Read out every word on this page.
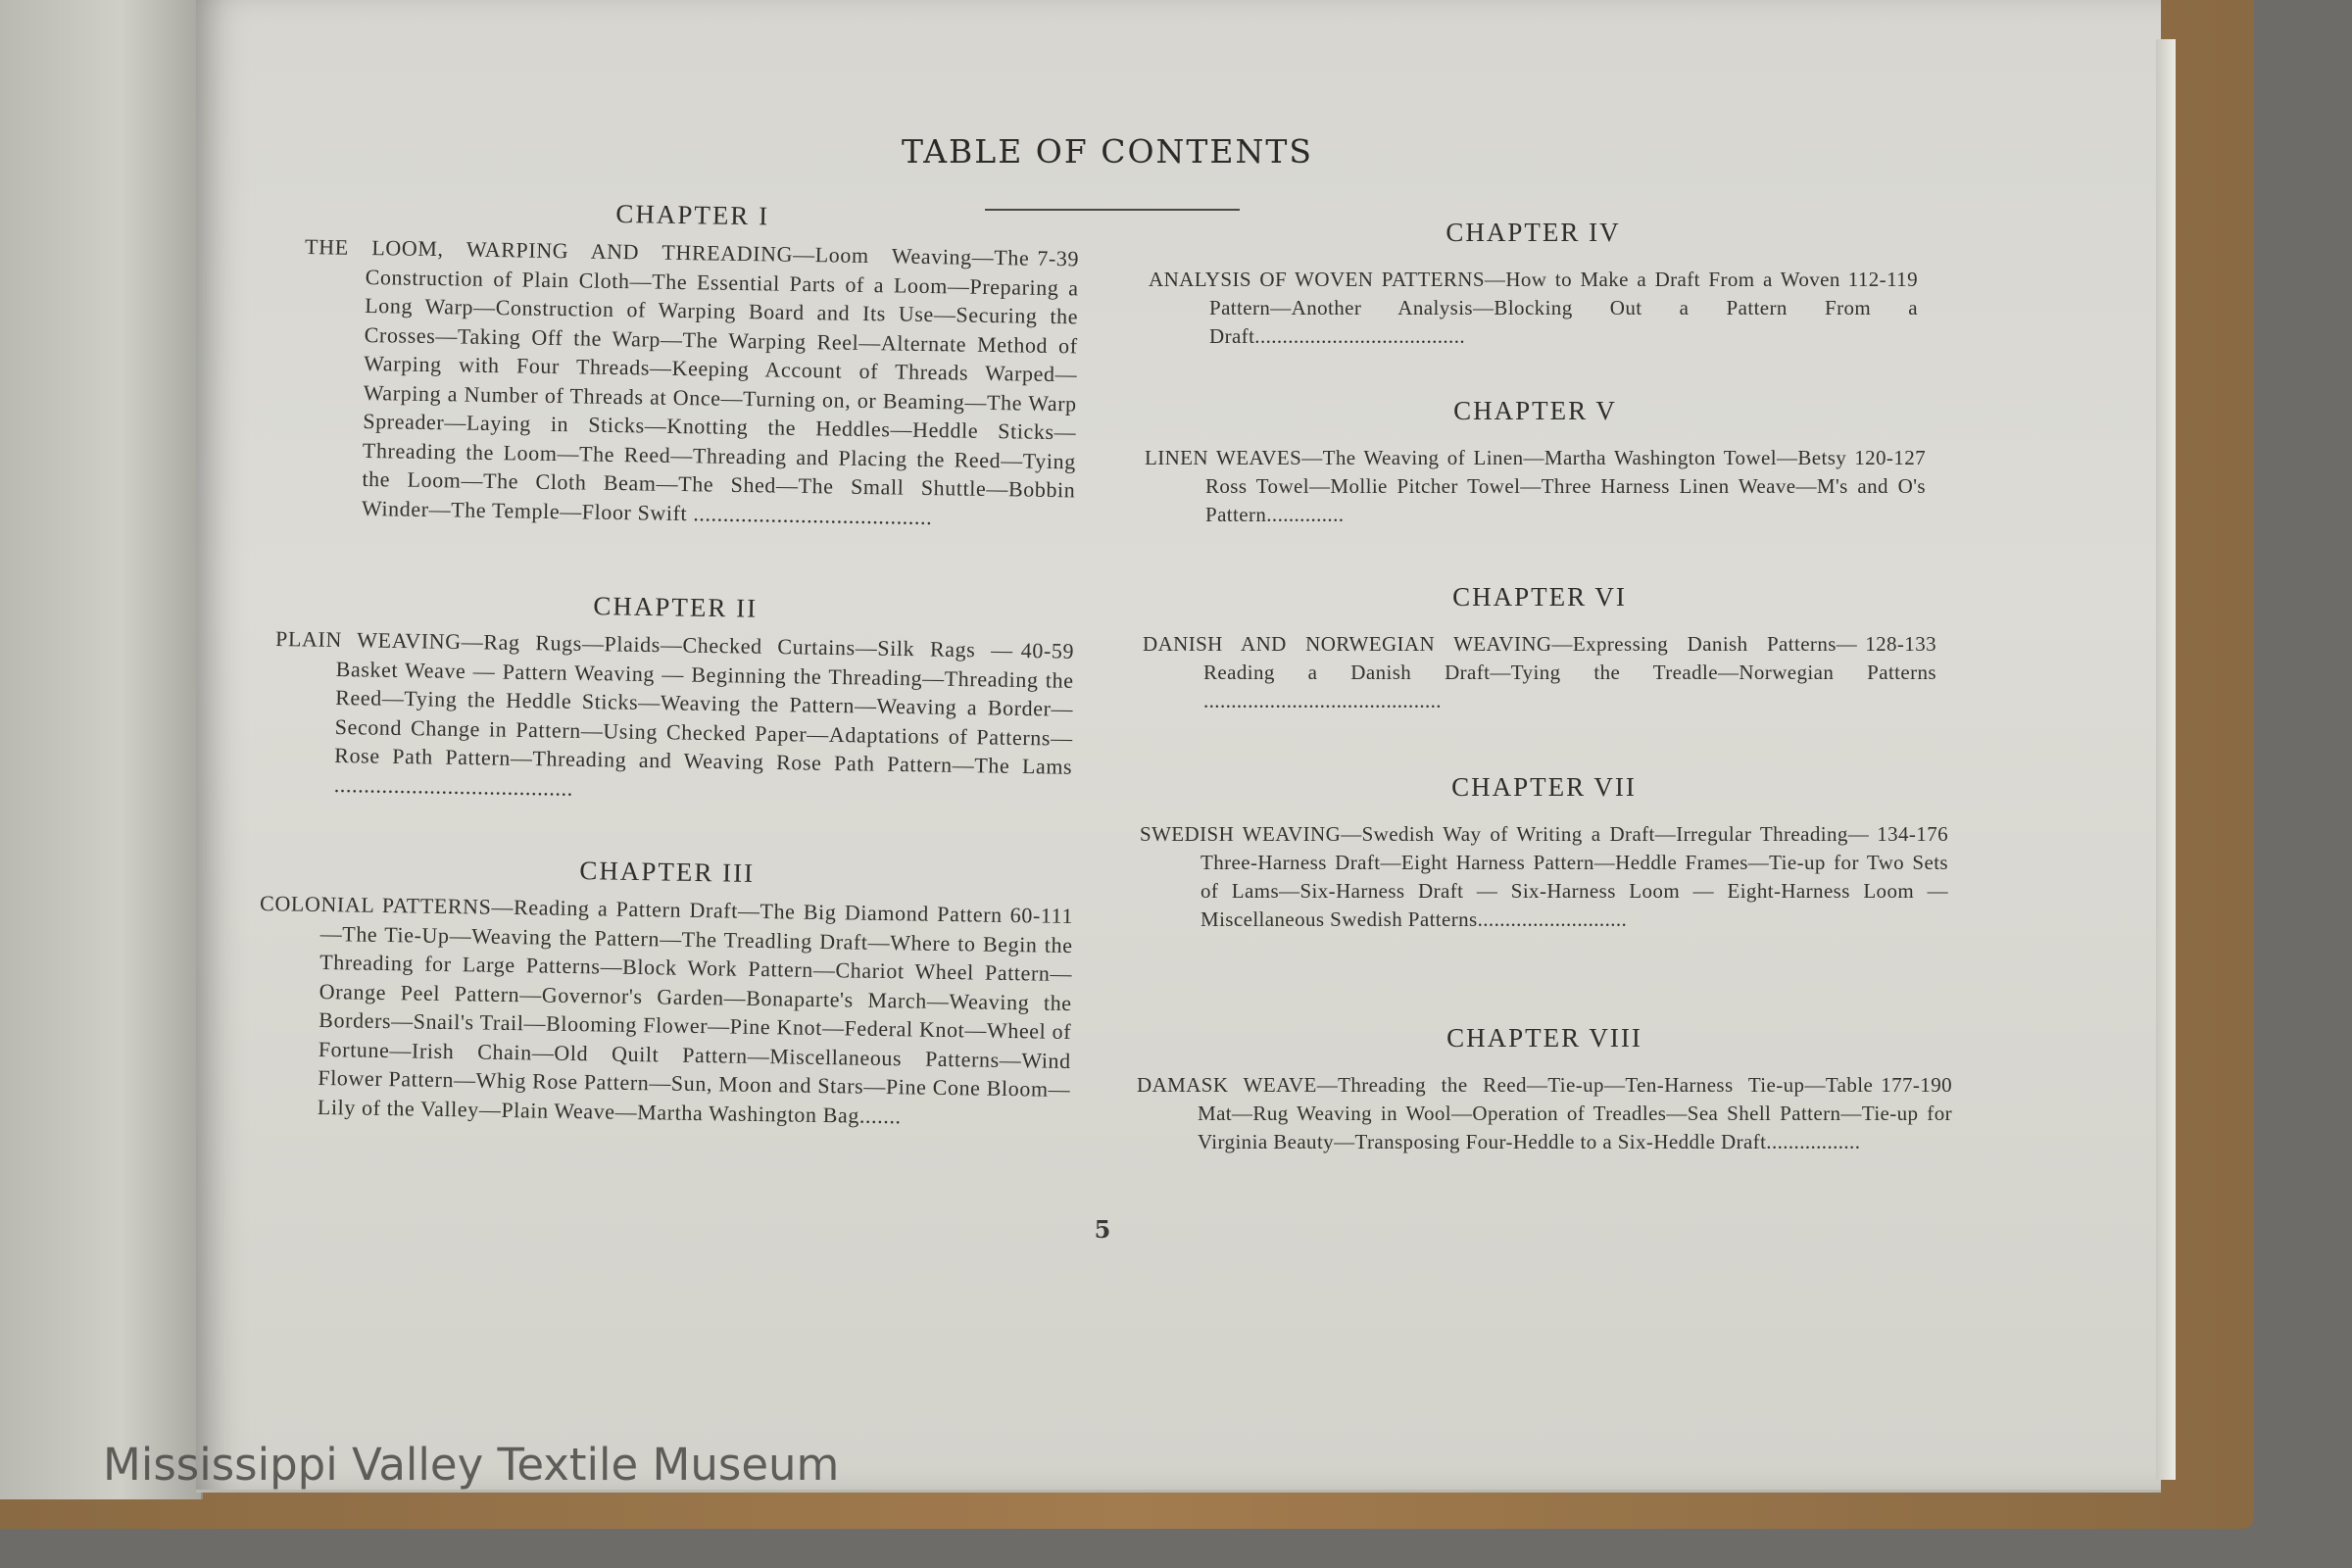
TABLE OF CONTENTS
CHAPTER I
7-39
THE LOOM, WARPING AND THREADING—Loom Weaving—The Construction of Plain Cloth—The Essential Parts of a Loom—Preparing a Long Warp—Construction of Warping Board and Its Use—Securing the Crosses—Taking Off the Warp—The Warping Reel—Alternate Method of Warping with Four Threads—Keeping Account of Threads Warped—Warping a Number of Threads at Once—Turning on, or Beaming—The Warp Spreader—Laying in Sticks—Knotting the Heddles—Heddle Sticks—Threading the Loom—The Reed—Threading and Placing the Reed—Tying the Loom—The Cloth Beam—The Shed—The Small Shuttle—Bobbin Winder—The Temple—Floor Swift ........................................
CHAPTER II
40-59
PLAIN WEAVING—Rag Rugs—Plaids—Checked Curtains—Silk Rags — Basket Weave — Pattern Weaving — Beginning the Threading—Threading the Reed—Tying the Heddle Sticks—Weaving the Pattern—Weaving a Border—Second Change in Pattern—Using Checked Paper—Adaptations of Patterns—Rose Path Pattern—Threading and Weaving Rose Path Pattern—The Lams ........................................
CHAPTER III
60-111
COLONIAL PATTERNS—Reading a Pattern Draft—The Big Diamond Pattern—The Tie-Up—Weaving the Pattern—The Treadling Draft—Where to Begin the Threading for Large Patterns—Block Work Pattern—Chariot Wheel Pattern—Orange Peel Pattern—Governor's Garden—Bonaparte's March—Weaving the Borders—Snail's Trail—Blooming Flower—Pine Knot—Federal Knot—Wheel of Fortune—Irish Chain—Old Quilt Pattern—Miscellaneous Patterns—Wind Flower Pattern—Whig Rose Pattern—Sun, Moon and Stars—Pine Cone Bloom—Lily of the Valley—Plain Weave—Martha Washington Bag.......
CHAPTER IV
112-119
ANALYSIS OF WOVEN PATTERNS—How to Make a Draft From a Woven Pattern—Another Analysis—Blocking Out a Pattern From a Draft......................................
CHAPTER V
120-127
LINEN WEAVES—The Weaving of Linen—Martha Washington Towel—Betsy Ross Towel—Mollie Pitcher Towel—Three Harness Linen Weave—M's and O's Pattern..............
CHAPTER VI
128-133
DANISH AND NORWEGIAN WEAVING—Expressing Danish Patterns—Reading a Danish Draft—Tying the Treadle—Norwegian Patterns ...........................................
CHAPTER VII
134-176
SWEDISH WEAVING—Swedish Way of Writing a Draft—Irregular Threading—Three-Harness Draft—Eight Harness Pattern—Heddle Frames—Tie-up for Two Sets of Lams—Six-Harness Draft — Six-Harness Loom — Eight-Harness Loom — Miscellaneous Swedish Patterns...........................
CHAPTER VIII
177-190
DAMASK WEAVE—Threading the Reed—Tie-up—Ten-Harness Tie-up—Table Mat—Rug Weaving in Wool—Operation of Treadles—Sea Shell Pattern—Tie-up for Virginia Beauty—Transposing Four-Heddle to a Six-Heddle Draft.................
5
Mississippi Valley Textile Museum
